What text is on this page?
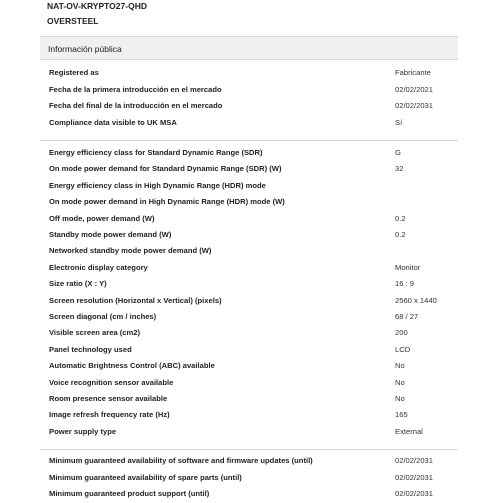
NAT-OV-KRYPTO27-QHD
OVERSTEEL
Información pública
Registered as	Fabricante
Fecha de la primera introducción en el mercado	02/02/2021
Fecha del final de la introducción en el mercado	02/02/2031
Compliance data visible to UK MSA	Sí
Energy efficiency class for Standard Dynamic Range (SDR)	G
On mode power demand for Standard Dynamic Range (SDR) (W)	32
Energy efficiency class in High Dynamic Range (HDR) mode
On mode power demand in High Dynamic Range (HDR) mode (W)
Off mode, power demand (W)	0.2
Standby mode power demand (W)	0.2
Networked standby mode power demand (W)
Electronic display category	Monitor
Size ratio (X : Y)	16 : 9
Screen resolution (Horizontal x Vertical) (pixels)	2560 x 1440
Screen diagonal (cm / inches)	68 / 27
Visible screen area (cm2)	200
Panel technology used	LCD
Automatic Brightness Control (ABC) available	No
Voice recognition sensor available	No
Room presence sensor available	No
Image refresh frequency rate (Hz)	165
Power supply type	External
Minimum guaranteed availability of software and firmware updates (until)	02/02/2031
Minimum guaranteed availability of spare parts (until)	02/02/2031
Minimum guaranteed product support (until)	02/02/2031
